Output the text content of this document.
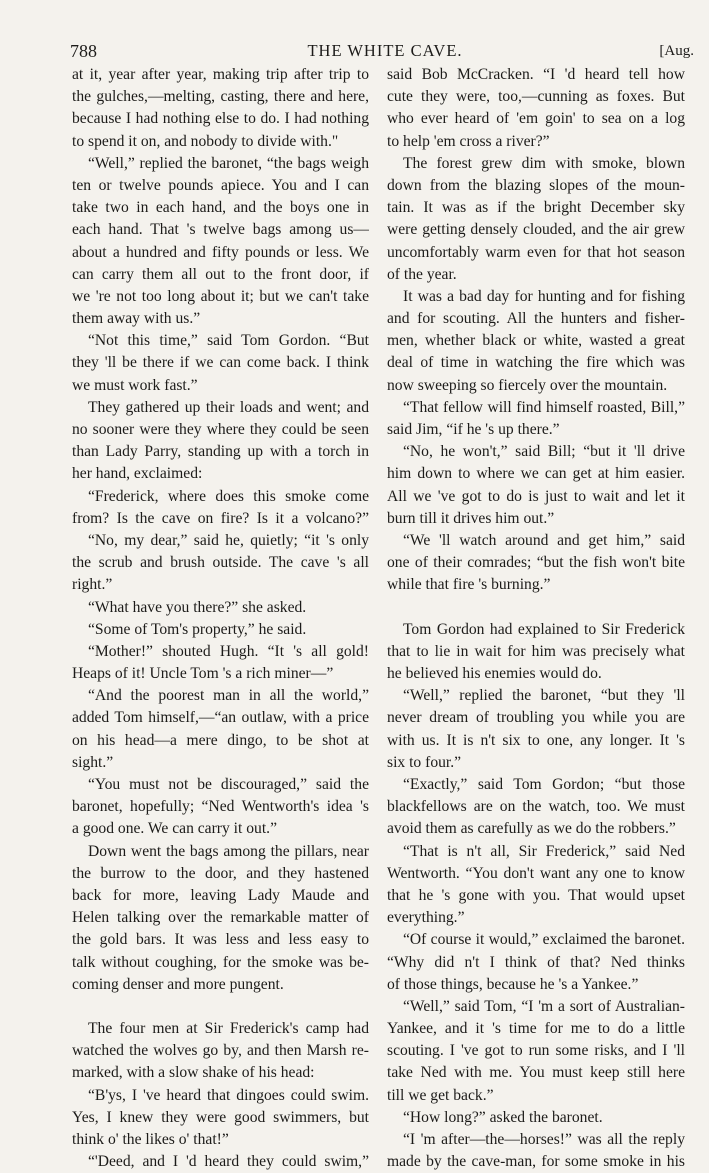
788	THE WHITE CAVE.	[Aug.
at it, year after year, making trip after trip to
the gulches,—melting, casting, there and here,
because I had nothing else to do. I had nothing
to spend it on, and nobody to divide with."
“Well,” replied the baronet, “the bags weigh
ten or twelve pounds apiece. You and I can
take two in each hand, and the boys one in
each hand. That 's twelve bags among us—
about a hundred and fifty pounds or less. We
can carry them all out to the front door, if
we 're not too long about it; but we can't take
them away with us.”
“Not this time,” said Tom Gordon. “But
they 'll be there if we can come back. I think
we must work fast.”
They gathered up their loads and went; and
no sooner were they where they could be seen
than Lady Parry, standing up with a torch in
her hand, exclaimed:
“Frederick, where does this smoke come
from? Is the cave on fire? Is it a volcano?”
“No, my dear,” said he, quietly; “it 's only
the scrub and brush outside. The cave 's all
right.”
“What have you there?” she asked.
“Some of Tom's property,” he said.
“Mother!” shouted Hugh. “It 's all gold!
Heaps of it! Uncle Tom 's a rich miner—”
“And the poorest man in all the world,”
added Tom himself,—“an outlaw, with a price
on his head—a mere dingo, to be shot at
sight.”
“You must not be discouraged,” said the
baronet, hopefully; “Ned Wentworth's idea 's
a good one. We can carry it out.”
Down went the bags among the pillars, near
the burrow to the door, and they hastened
back for more, leaving Lady Maude and
Helen talking over the remarkable matter of
the gold bars. It was less and less easy to
talk without coughing, for the smoke was be-
coming denser and more pungent.
The four men at Sir Frederick's camp had
watched the wolves go by, and then Marsh re-
marked, with a slow shake of his head:
“B'ys, I 've heard that dingoes could swim.
Yes, I knew they were good swimmers, but
think o' the likes o' that!”
“'Deed, and I 'd heard they could swim,”
said Bob McCracken. “I 'd heard tell how
cute they were, too,—cunning as foxes. But
who ever heard of 'em goin' to sea on a log
to help 'em cross a river?”
The forest grew dim with smoke, blown
down from the blazing slopes of the moun-
tain. It was as if the bright December sky
were getting densely clouded, and the air grew
uncomfortably warm even for that hot season
of the year.
It was a bad day for hunting and for fishing
and for scouting. All the hunters and fisher-
men, whether black or white, wasted a great
deal of time in watching the fire which was
now sweeping so fiercely over the mountain.
“That fellow will find himself roasted, Bill,”
said Jim, “if he 's up there.”
“No, he won't,” said Bill; “but it 'll drive
him down to where we can get at him easier.
All we 've got to do is just to wait and let it
burn till it drives him out.”
“We 'll watch around and get him,” said
one of their comrades; “but the fish won't bite
while that fire 's burning.”
Tom Gordon had explained to Sir Frederick
that to lie in wait for him was precisely what
he believed his enemies would do.
“Well,” replied the baronet, “but they 'll
never dream of troubling you while you are
with us. It is n't six to one, any longer. It 's
six to four.”
“Exactly,” said Tom Gordon; “but those
blackfellows are on the watch, too. We must
avoid them as carefully as we do the robbers.”
“That is n't all, Sir Frederick,” said Ned
Wentworth. “You don't want any one to know
that he 's gone with you. That would upset
everything.”
“Of course it would,” exclaimed the baronet.
“Why did n't I think of that? Ned thinks
of those things, because he 's a Yankee.”
“Well,” said Tom, “I 'm a sort of Australian-
Yankee, and it 's time for me to do a little
scouting. I 've got to run some risks, and I 'll
take Ned with me. You must keep still here
till we get back.”
“How long?” asked the baronet.
“I 'm after—the—horses!” was all the reply
made by the cave-man, for some smoke in his
